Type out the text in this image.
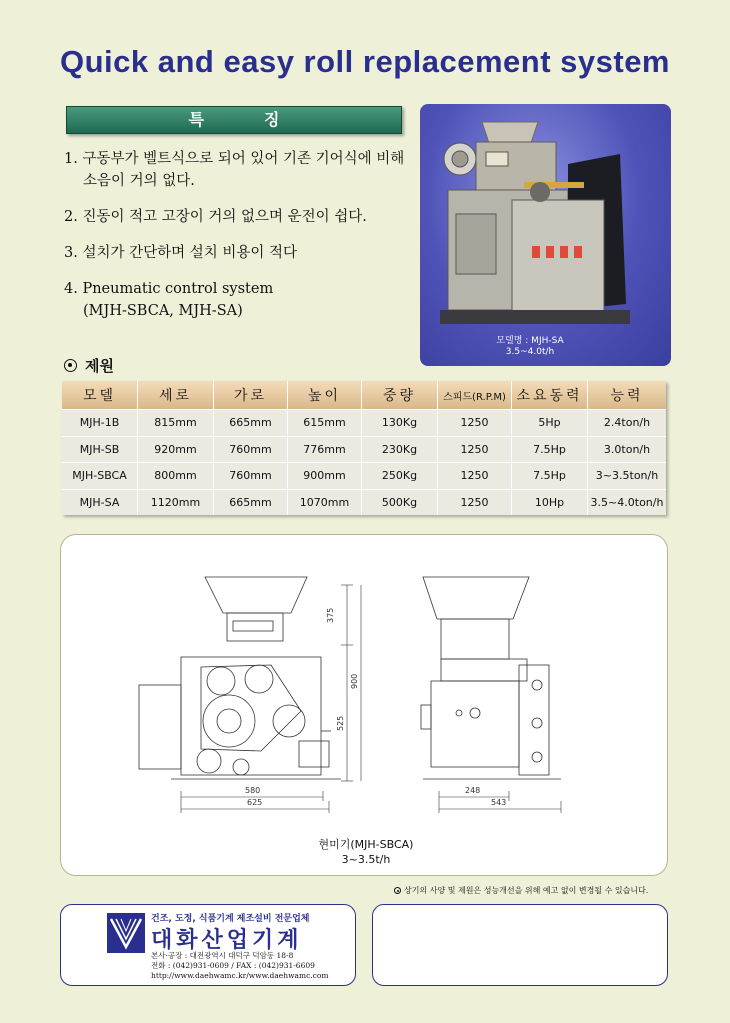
Quick and easy roll replacement system
특징
1. 구동부가 벨트식으로 되어 있어 기존 기어식에 비해
소음이 거의 없다.
2. 진동이 적고 고장이 거의 없으며 운전이 쉽다.
3. 설치가 간단하며 설치 비용이 적다
4. Pneumatic control system
(MJH-SBCA, MJH-SA)
모델명 : MJH-SA
3.5~4.0t/h
제원
모델	세로	가로	높이	중량	스피드(R.P.M)	소요동력	능력
MJH-1B	815mm	665mm	615mm	130Kg	1250	5Hp	2.4ton/h
MJH-SB	920mm	760mm	776mm	230Kg	1250	7.5Hp	3.0ton/h
MJH-SBCA	800mm	760mm	900mm	250Kg	1250	7.5Hp	3~3.5ton/h
MJH-SA	1120mm	665mm	1070mm	500Kg	1250	10Hp	3.5~4.0ton/h
375
900
525
580
625
248
543
현미기(MJH-SBCA)
3~3.5t/h
상기의 사양 및 제원은 성능개선을 위해 예고 없이 변경될 수 있습니다.
건조, 도정, 식품기계 제조설비 전문업체
대화산업기계
본사·공장 : 대전광역시 대덕구 덕암동 18-8
전화 : (042)931-0609 / FAX : (042)931-6609
http://www.daehwamc.kr/www.daehwamc.com
